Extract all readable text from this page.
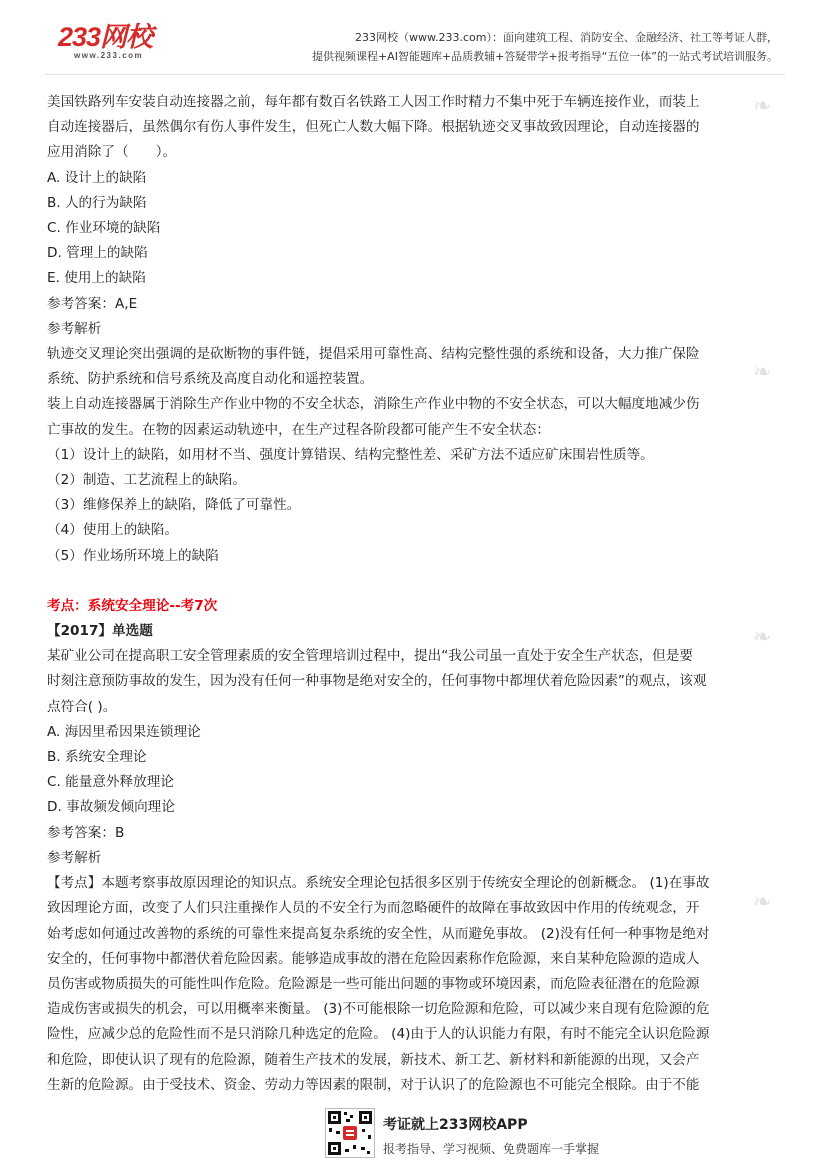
233网校
www.233.com
233网校（www.233.com）：面向建筑工程、消防安全、金融经济、社工等考证人群，
提供视频课程+AI智能题库+品质教辅+答疑带学+报考指导“五位一体”的一站式考试培训服务。
❧
❧
❧
❧

美国铁路列车安装自动连接器之前，每年都有数百名铁路工人因工作时精力不集中死于车辆连接作业，而装上

自动连接器后，虽然偶尔有伤人事件发生，但死亡人数大幅下降。根据轨迹交叉事故致因理论，自动连接器的

应用消除了（　　）。

A. 设计上的缺陷

B. 人的行为缺陷

C. 作业环境的缺陷

D. 管理上的缺陷

E. 使用上的缺陷

参考答案：A,E

参考解析

轨迹交叉理论突出强调的是砍断物的事件链，提倡采用可靠性高、结构完整性强的系统和设备，大力推广保险

系统、防护系统和信号系统及高度自动化和遥控装置。

装上自动连接器属于消除生产作业中物的不安全状态，消除生产作业中物的不安全状态，可以大幅度地减少伤

亡事故的发生。在物的因素运动轨迹中，在生产过程各阶段都可能产生不安全状态：

（1）设计上的缺陷，如用材不当、强度计算错误、结构完整性差、采矿方法不适应矿床围岩性质等。

（2）制造、工艺流程上的缺陷。

（3）维修保养上的缺陷，降低了可靠性。

（4）使用上的缺陷。

（5）作业场所环境上的缺陷

考点：系统安全理论--考7次

【2017】单选题

某矿业公司在提高职工安全管理素质的安全管理培训过程中，提出“我公司虽一直处于安全生产状态，但是要

时刻注意预防事故的发生，因为没有任何一种事物是绝对安全的，任何事物中都埋伏着危险因素”的观点，该观

点符合( )。

A. 海因里希因果连锁理论

B. 系统安全理论

C. 能量意外释放理论

D. 事故频发倾向理论

参考答案：B

参考解析

【考点】本题考察事故原因理论的知识点。系统安全理论包括很多区别于传统安全理论的创新概念。 (1)在事故

致因理论方面，改变了人们只注重操作人员的不安全行为而忽略硬件的故障在事故致因中作用的传统观念，开

始考虑如何通过改善物的系统的可靠性来提高复杂系统的安全性，从而避免事故。 (2)没有任何一种事物是绝对

安全的，任何事物中都潜伏着危险因素。能够造成事故的潜在危险因素称作危险源，来自某种危险源的造成人

员伤害或物质损失的可能性叫作危险。危险源是一些可能出问题的事物或环境因素，而危险表征潜在的危险源

造成伤害或损失的机会，可以用概率来衡量。 (3)不可能根除一切危险源和危险，可以减少来自现有危险源的危

险性，应减少总的危险性而不是只消除几种选定的危险。 (4)由于人的认识能力有限，有时不能完全认识危险源

和危险，即使认识了现有的危险源，随着生产技术的发展，新技术、新工艺、新材料和新能源的出现，又会产

生新的危险源。由于受技术、资金、劳动力等因素的限制，对于认识了的危险源也不可能完全根除。由于不能

考证就上233网校APP
报考指导、学习视频、免费题库一手掌握
